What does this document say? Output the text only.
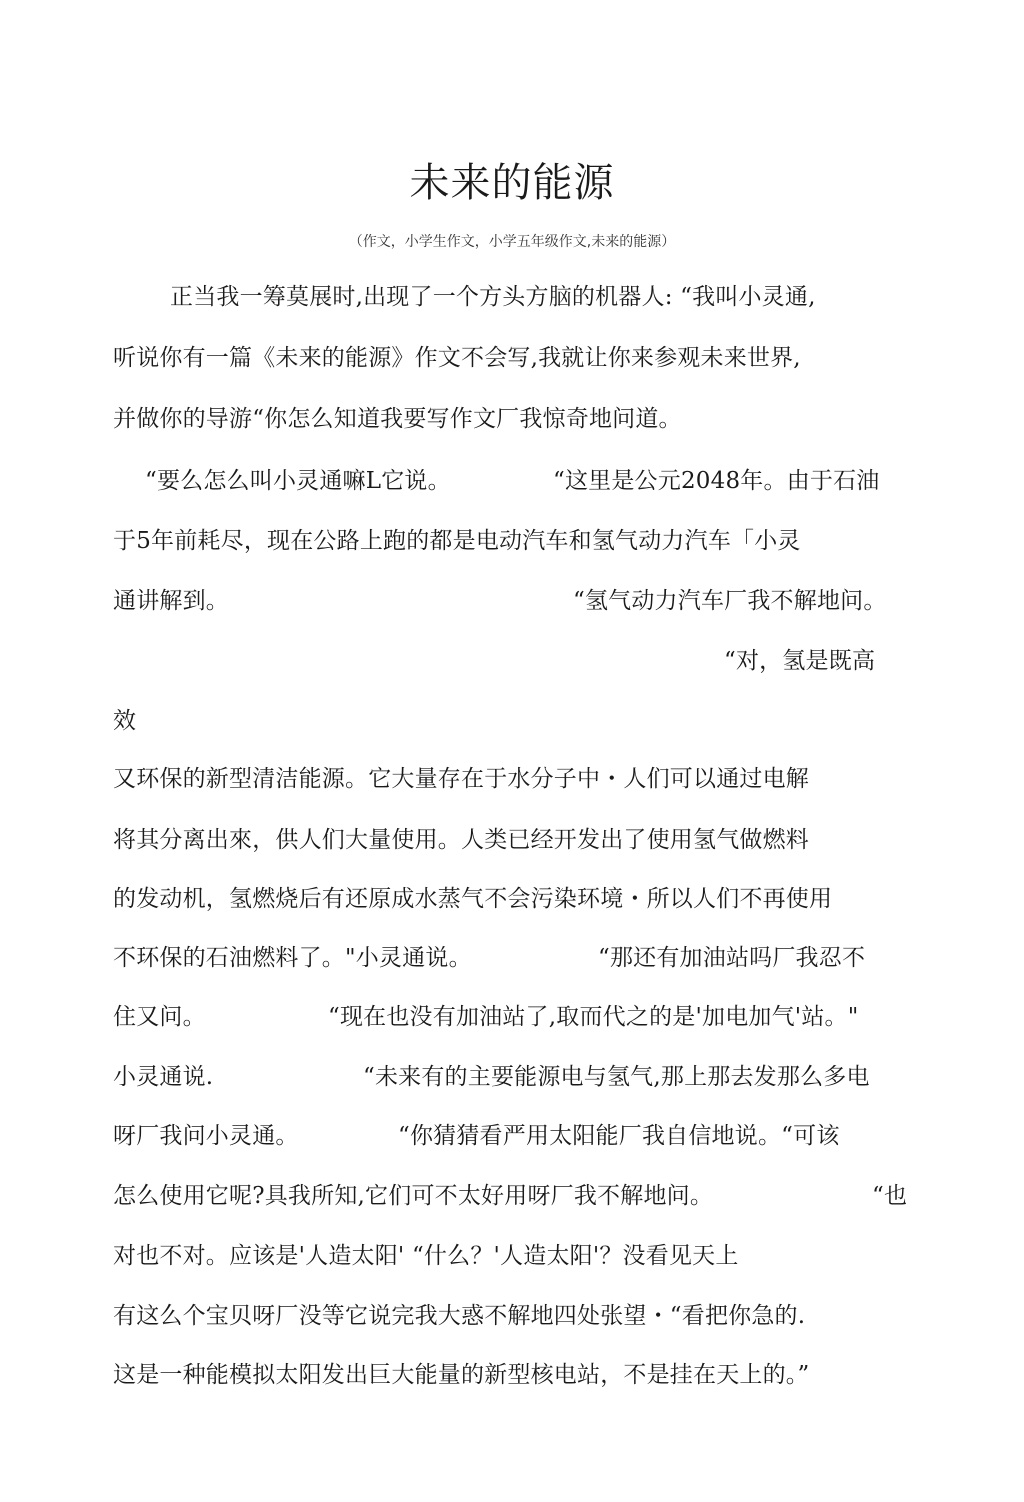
未来的能源
（作文，小学生作文，小学五年级作文,未来的能源）
正当我一筹莫展时,出现了一个方头方脑的机器人: “我叫小灵通,
听说你有一篇《未来的能源》作文不会写,我就让你来参观未来世界,
并做你的导游“你怎么知道我要写作文厂我惊奇地问道。
“要么怎么叫小灵通嘛L它说。	“这里是公元2048年。由于石油
于5年前耗尽，现在公路上跑的都是电动汽车和氢气动力汽车「小灵
通讲解到。	“氢气动力汽车厂我不解地问。
“对，氢是既高
效
又环保的新型清洁能源。它大量存在于水分子中・人们可以通过电解
将其分离出來，供人们大量使用。人类已经开发出了使用氢气做燃料
的发动机，氢燃烧后有还原成水蒸气不会污染环境・所以人们不再使用
不环保的石油燃料了。"小灵通说。	“那还有加油站吗厂我忍不
住又问。	“现在也没有加油站了,取而代之的是'加电加气'站。"
小灵通说.	“未来有的主要能源电与氢气,那上那去发那么多电
呀厂我问小灵通。	“你猜猜看严用太阳能厂我自信地说。“可该
怎么使用它呢?具我所知,它们可不太好用呀厂我不解地问。	“也
对也不对。应该是'人造太阳' “什么？'人造太阳'？没看见天上
有这么个宝贝呀厂没等它说完我大惑不解地四处张望・“看把你急的.
这是一种能模拟太阳发出巨大能量的新型核电站，不是挂在天上的。”
